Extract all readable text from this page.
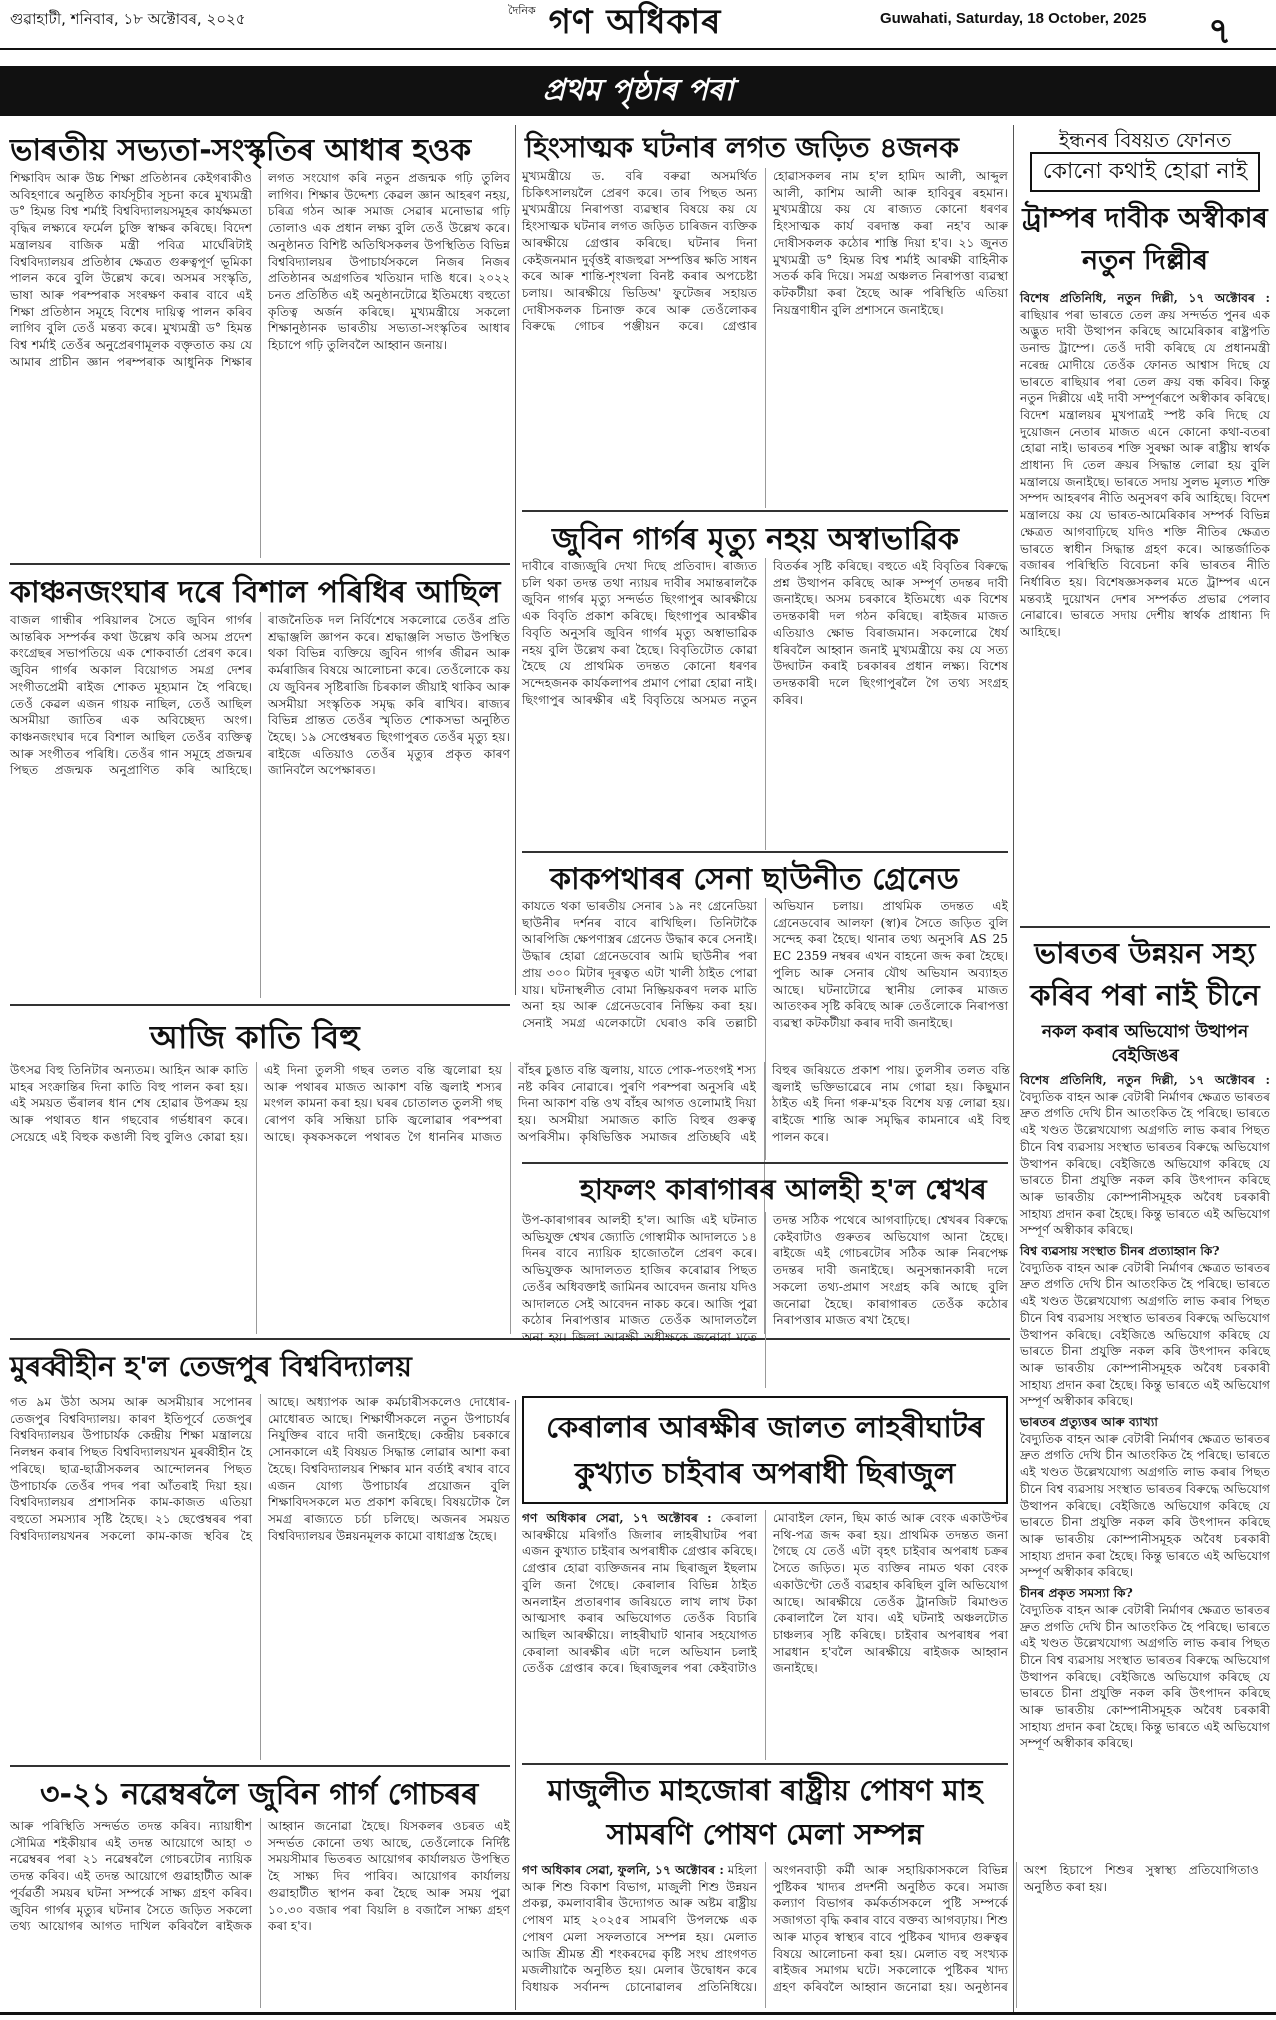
গুৱাহাটী, শনিবাৰ, ১৮ অক্টোবৰ, ২০২৫	দৈনিক গণ অধিকাৰ	Guwahati, Saturday, 18 October, 2025 ৭
প্ৰথম পৃষ্ঠাৰ পৰা
ভাৰতীয় সভ্যতা-সংস্কৃতিৰ আধাৰ হওক
শিক্ষাবিদ আৰু উচ্চ শিক্ষা প্ৰতিষ্ঠানৰ কেইগৰাকীও অবিহণাৰে অনুষ্ঠিত কাৰ্যসূচীৰ সূচনা কৰে মুখ্যমন্ত্ৰী ড° হিমন্ত বিশ্ব শৰ্মাই বিশ্ববিদ্যালয়সমূহৰ কাৰ্যক্ষমতা বৃদ্ধিৰ লক্ষ্যৰে ফৰ্মেল চুক্তি স্বাক্ষৰ কৰিছে। বিদেশ মন্ত্ৰালয়ৰ বাজিক মন্ত্ৰী পবিত্ৰ মাৰ্ঘেৰিটাই বিশ্ববিদ্যালয়ৰ প্ৰতিষ্ঠাৰ ক্ষেত্ৰত গুৰুত্বপূৰ্ণ ভূমিকা পালন কৰে বুলি উল্লেখ কৰে। অসমৰ সংস্কৃতি, ভাষা আৰু পৰম্পৰাক সংৰক্ষণ কৰাৰ বাবে এই শিক্ষা প্ৰতিষ্ঠান সমূহে বিশেষ দায়িত্ব পালন কৰিব লাগিব বুলি তেওঁ মন্তব্য কৰে। মুখ্যমন্ত্ৰী ড° হিমন্ত বিশ্ব শৰ্মাই তেওঁৰ অনুপ্ৰেৰণামূলক বক্তৃতাত কয় যে আমাৰ প্ৰাচীন জ্ঞান পৰম্পৰাক আধুনিক শিক্ষাৰ লগত সংযোগ কৰি নতুন প্ৰজন্মক গঢ়ি তুলিব লাগিব। শিক্ষাৰ উদ্দেশ্য কেৱল জ্ঞান আহৰণ নহয়, চৰিত্ৰ গঠন আৰু সমাজ সেৱাৰ মনোভাৱ গঢ়ি তোলাও এক প্ৰধান লক্ষ্য বুলি তেওঁ উল্লেখ কৰে। অনুষ্ঠানত বিশিষ্ট অতিথিসকলৰ উপস্থিতিত বিভিন্ন বিশ্ববিদ্যালয়ৰ উপাচাৰ্যসকলে নিজৰ নিজৰ প্ৰতিষ্ঠানৰ অগ্ৰগতিৰ খতিয়ান দাঙি ধৰে। ২০২২ চনত প্ৰতিষ্ঠিত এই অনুষ্ঠানটোৱে ইতিমধ্যে বহুতো কৃতিত্ব অৰ্জন কৰিছে। মুখ্যমন্ত্ৰীয়ে সকলো শিক্ষানুষ্ঠানক ভাৰতীয় সভ্যতা-সংস্কৃতিৰ আধাৰ হিচাপে গঢ়ি তুলিবলৈ আহ্বান জনায়।
কাঞ্চনজংঘাৰ দৰে বিশাল পৰিধিৰ আছিল
বাজল গান্ধীৰ পৰিয়ালৰ সৈতে জুবিন গাৰ্গৰ আন্তৰিক সম্পৰ্কৰ কথা উল্লেখ কৰি অসম প্ৰদেশ কংগ্ৰেছৰ সভাপতিয়ে এক শোকবাৰ্তা প্ৰেৰণ কৰে। জুবিন গাৰ্গৰ অকাল বিয়োগত সমগ্ৰ দেশৰ সংগীতপ্ৰেমী ৰাইজ শোকত মূহ্যমান হৈ পৰিছে। তেওঁ কেৱল এজন গায়ক নাছিল, তেওঁ আছিল অসমীয়া জাতিৰ এক অবিচ্ছেদ্য অংগ। কাঞ্চনজংঘাৰ দৰে বিশাল আছিল তেওঁৰ ব্যক্তিত্ব আৰু সংগীতৰ পৰিধি। তেওঁৰ গান সমূহে প্ৰজন্মৰ পিছত প্ৰজন্মক অনুপ্ৰাণিত কৰি আহিছে। ৰাজনৈতিক দল নিৰ্বিশেষে সকলোৱে তেওঁৰ প্ৰতি শ্ৰদ্ধাঞ্জলি জ্ঞাপন কৰে। শ্ৰদ্ধাঞ্জলি সভাত উপস্থিত থকা বিভিন্ন ব্যক্তিয়ে জুবিন গাৰ্গৰ জীৱন আৰু কৰ্মৰাজিৰ বিষয়ে আলোচনা কৰে। তেওঁলোকে কয় যে জুবিনৰ সৃষ্টিৰাজি চিৰকাল জীয়াই থাকিব আৰু অসমীয়া সংস্কৃতিক সমৃদ্ধ কৰি ৰাখিব। ৰাজ্যৰ বিভিন্ন প্ৰান্তত তেওঁৰ স্মৃতিত শোকসভা অনুষ্ঠিত হৈছে। ১৯ সেপ্তেম্বৰত ছিংগাপুৰত তেওঁৰ মৃত্যু হয়। ৰাইজে এতিয়াও তেওঁৰ মৃত্যুৰ প্ৰকৃত কাৰণ জানিবলৈ অপেক্ষাৰত।
আজি কাতি বিহু
উৎসৱ বিহু তিনিটাৰ অন্যতম। আহিন আৰু কাতি মাহৰ সংক্ৰান্তিৰ দিনা কাতি বিহু পালন কৰা হয়। এই সময়ত ভঁৰালৰ ধান শেষ হোৱাৰ উপক্ৰম হয় আৰু পথাৰত ধান গছবোৰ গৰ্ভধাৰণ কৰে। সেয়েহে এই বিহুক কঙালী বিহু বুলিও কোৱা হয়। এই দিনা তুলসী গছৰ তলত বন্তি জ্বলোৱা হয় আৰু পথাৰৰ মাজত আকাশ বন্তি জ্বলাই শস্যৰ মংগল কামনা কৰা হয়। ঘৰৰ চোতালত তুলসী গছ ৰোপণ কৰি সন্ধিয়া চাকি জ্বলোৱাৰ পৰম্পৰা আছে। কৃষকসকলে পথাৰত গৈ ধাননিৰ মাজত বাঁহৰ চুঙাত বন্তি জ্বলায়, যাতে পোক-পতংগই শস্য নষ্ট কৰিব নোৱাৰে। পুৰণি পৰম্পৰা অনুসৰি এই দিনা আকাশ বন্তি ওখ বাঁহৰ আগত ওলোমাই দিয়া হয়। অসমীয়া সমাজত কাতি বিহুৰ গুৰুত্ব অপৰিসীম। কৃষিভিত্তিক সমাজৰ প্ৰতিচ্ছবি এই বিহুৰ জৰিয়তে প্ৰকাশ পায়। তুলসীৰ তলত বন্তি জ্বলাই ভক্তিভাৱেৰে নাম গোৱা হয়। কিছুমান ঠাইত এই দিনা গৰু-ম'হক বিশেষ যত্ন লোৱা হয়। ৰাইজে শান্তি আৰু সমৃদ্ধিৰ কামনাৰে এই বিহু পালন কৰে।
মুৰব্বীহীন হ'ল তেজপুৰ বিশ্ববিদ্যালয়
গত ৯ম উঠা অসম আৰু অসমীয়াৰ সপোনৰ তেজপুৰ বিশ্ববিদ্যালয়। কাৰণ ইতিপূৰ্বে তেজপুৰ বিশ্ববিদ্যালয়ৰ উপাচাৰ্যক কেন্দ্ৰীয় শিক্ষা মন্ত্ৰালয়ে নিলম্বন কৰাৰ পিছত বিশ্ববিদ্যালয়খন মুৰব্বীহীন হৈ পৰিছে। ছাত্ৰ-ছাত্ৰীসকলৰ আন্দোলনৰ পিছত উপাচাৰ্যক তেওঁৰ পদৰ পৰা আঁতৰাই দিয়া হয়। বিশ্ববিদ্যালয়ৰ প্ৰশাসনিক কাম-কাজত এতিয়া বহুতো সমস্যাৰ সৃষ্টি হৈছে। ২১ ছেপ্তেম্বৰৰ পৰা বিশ্ববিদ্যালয়খনৰ সকলো কাম-কাজ স্থবিৰ হৈ আছে। অধ্যাপক আৰু কৰ্মচাৰীসকলেও দোধোৰ-মোধোৰত আছে। শিক্ষাৰ্থীসকলে নতুন উপাচাৰ্যৰ নিযুক্তিৰ বাবে দাবী জনাইছে। কেন্দ্ৰীয় চৰকাৰে সোনকালে এই বিষয়ত সিদ্ধান্ত লোৱাৰ আশা কৰা হৈছে। বিশ্ববিদ্যালয়ৰ শিক্ষাৰ মান বৰ্তাই ৰখাৰ বাবে এজন যোগ্য উপাচাৰ্যৰ প্ৰয়োজন বুলি শিক্ষাবিদসকলে মত প্ৰকাশ কৰিছে। বিষয়টোক লৈ সমগ্ৰ ৰাজ্যতে চৰ্চা চলিছে। অজনৰ সময়ত বিশ্ববিদ্যালয়ৰ উন্নয়নমূলক কামো বাধাগ্ৰস্ত হৈছে।
৩-২১ নৱেম্বৰলৈ জুবিন গাৰ্গ গোচৰৰ
আৰু পৰিস্থিতি সন্দৰ্ভত তদন্ত কৰিব। ন্যায়াধীশ সৌমিত্ৰ শইকীয়াৰ এই তদন্ত আয়োগে আহা ৩ নৱেম্বৰৰ পৰা ২১ নৱেম্বৰলৈ গোচৰটোৰ ন্যায়িক তদন্ত কৰিব। এই তদন্ত আয়োগে গুৱাহাটীত আৰু পূৰ্বৱৰ্তী সময়ৰ ঘটনা সম্পৰ্কে সাক্ষ্য গ্ৰহণ কৰিব। জুবিন গাৰ্গৰ মৃত্যুৰ ঘটনাৰ সৈতে জড়িত সকলো তথ্য আয়োগৰ আগত দাখিল কৰিবলৈ ৰাইজক আহ্বান জনোৱা হৈছে। যিসকলৰ ওচৰত এই সন্দৰ্ভত কোনো তথ্য আছে, তেওঁলোকে নিৰ্দিষ্ট সময়সীমাৰ ভিতৰত আয়োগৰ কাৰ্যালয়ত উপস্থিত হৈ সাক্ষ্য দিব পাৰিব। আয়োগৰ কাৰ্যালয় গুৱাহাটীত স্থাপন কৰা হৈছে আৰু সময় পুৱা ১০.৩০ বজাৰ পৰা বিয়লি ৪ বজালৈ সাক্ষ্য গ্ৰহণ কৰা হ'ব।
হিংসাত্মক ঘটনাৰ লগত জড়িত ৪জনক
মুখ্যমন্ত্ৰীয়ে ড. বৰি বৰুৱা অসমৰ্থিত চিকিৎসালয়লৈ প্ৰেৰণ কৰে। তাৰ পিছত অন্য মুখ্যমন্ত্ৰীয়ে নিৰাপত্তা ব্যৱস্থাৰ বিষয়ে কয় যে হিংসাত্মক ঘটনাৰ লগত জড়িত চাৰিজন ব্যক্তিক আৰক্ষীয়ে গ্ৰেপ্তাৰ কৰিছে। ঘটনাৰ দিনা কেইজনমান দুৰ্বৃত্তই ৰাজহুৱা সম্পত্তিৰ ক্ষতি সাধন কৰে আৰু শান্তি-শৃংখলা বিনষ্ট কৰাৰ অপচেষ্টা চলায়। আৰক্ষীয়ে ভিডিঅ' ফুটেজৰ সহায়ত দোষীসকলক চিনাক্ত কৰে আৰু তেওঁলোকৰ বিৰুদ্ধে গোচৰ পঞ্জীয়ন কৰে। গ্ৰেপ্তাৰ হোৱাসকলৰ নাম হ'ল হামিদ আলী, আব্দুল আলী, কাশিম আলী আৰু হাবিবুৰ ৰহমান। মুখ্যমন্ত্ৰীয়ে কয় যে ৰাজ্যত কোনো ধৰণৰ হিংসাত্মক কাৰ্য বৰদাস্ত কৰা নহ'ব আৰু দোষীসকলক কঠোৰ শাস্তি দিয়া হ'ব। ২১ জুনত মুখ্যমন্ত্ৰী ড° হিমন্ত বিশ্ব শৰ্মাই আৰক্ষী বাহিনীক সতৰ্ক কৰি দিয়ে। সমগ্ৰ অঞ্চলত নিৰাপত্তা ব্যৱস্থা কটকটীয়া কৰা হৈছে আৰু পৰিস্থিতি এতিয়া নিয়ন্ত্ৰণাধীন বুলি প্ৰশাসনে জনাইছে।
জুবিন গাৰ্গৰ মৃত্যু নহয় অস্বাভাৱিক
দাবীৰে বাজ্যজুৰি দেখা দিছে প্ৰতিবাদ। ৰাজ্যত চলি থকা তদন্ত তথা ন্যায়ৰ দাবীৰ সমান্তৰালকৈ জুবিন গাৰ্গৰ মৃত্যু সন্দৰ্ভত ছিংগাপুৰ আৰক্ষীয়ে এক বিবৃতি প্ৰকাশ কৰিছে। ছিংগাপুৰ আৰক্ষীৰ বিবৃতি অনুসৰি জুবিন গাৰ্গৰ মৃত্যু অস্বাভাৱিক নহয় বুলি উল্লেখ কৰা হৈছে। বিবৃতিটোত কোৱা হৈছে যে প্ৰাথমিক তদন্তত কোনো ধৰণৰ সন্দেহজনক কাৰ্যকলাপৰ প্ৰমাণ পোৱা হোৱা নাই। ছিংগাপুৰ আৰক্ষীৰ এই বিবৃতিয়ে অসমত নতুন বিতৰ্কৰ সৃষ্টি কৰিছে। বহুতে এই বিবৃতিৰ বিৰুদ্ধে প্ৰশ্ন উত্থাপন কৰিছে আৰু সম্পূৰ্ণ তদন্তৰ দাবী জনাইছে। অসম চৰকাৰে ইতিমধ্যে এক বিশেষ তদন্তকাৰী দল গঠন কৰিছে। ৰাইজৰ মাজত এতিয়াও ক্ষোভ বিৰাজমান। সকলোৱে ধৈৰ্য ধৰিবলৈ আহ্বান জনাই মুখ্যমন্ত্ৰীয়ে কয় যে সত্য উদ্ঘাটন কৰাই চৰকাৰৰ প্ৰধান লক্ষ্য। বিশেষ তদন্তকাৰী দলে ছিংগাপুৰলৈ গৈ তথ্য সংগ্ৰহ কৰিব।
কাকপথাৰৰ সেনা ছাউনীত গ্ৰেনেড
কাযতে থকা ভাৰতীয় সেনাৰ ১৯ নং গ্ৰেনেডিয়া ছাউনীৰ দৰ্শনৰ বাবে ৰাখিছিল। তিনিটাকৈ আৰপিজি ক্ষেপণাস্ত্ৰৰ গ্ৰেনেড উদ্ধাৰ কৰে সেনাই। উদ্ধাৰ হোৱা গ্ৰেনেডবোৰ আমি ছাউনীৰ পৰা প্ৰায় ৩০০ মিটাৰ দূৰত্বত এটা খালী ঠাইত পোৱা যায়। ঘটনাস্থলীত বোমা নিষ্ক্ৰিয়কৰণ দলক মাতি অনা হয় আৰু গ্ৰেনেডবোৰ নিষ্ক্ৰিয় কৰা হয়। সেনাই সমগ্ৰ এলেকাটো ঘেৰাও কৰি তল্লাচী অভিযান চলায়। প্ৰাথমিক তদন্তত এই গ্ৰেনেডবোৰ আলফা (স্বা)ৰ সৈতে জড়িত বুলি সন্দেহ কৰা হৈছে। থানাৰ তথ্য অনুসৰি AS 25 EC 2359 নম্বৰৰ এখন বাহনো জব্দ কৰা হৈছে। পুলিচ আৰু সেনাৰ যৌথ অভিযান অব্যাহত আছে। ঘটনাটোৱে স্থানীয় লোকৰ মাজত আতংকৰ সৃষ্টি কৰিছে আৰু তেওঁলোকে নিৰাপত্তা ব্যৱস্থা কটকটীয়া কৰাৰ দাবী জনাইছে।
হাফলং কাৰাগাৰৰ আলহী হ'ল শ্বেখৰ
উপ-কাৰাগাৰৰ আলহী হ'ল। আজি এই ঘটনাত অভিযুক্ত শ্বেখৰ জ্যোতি গোস্বামীক আদালতে ১৪ দিনৰ বাবে ন্যায়িক হাজোতলৈ প্ৰেৰণ কৰে। অভিযুক্তক আদালতত হাজিৰ কৰোৱাৰ পিছত তেওঁৰ অধিবক্তাই জামিনৰ আবেদন জনায় যদিও আদালতে সেই আবেদন নাকচ কৰে। আজি পুৱা কঠোৰ নিৰাপত্তাৰ মাজত তেওঁক আদালতলৈ অনা হয়। জিলা আৰক্ষী অধীক্ষকে জনোৱা মতে তদন্ত সঠিক পথেৰে আগবাঢ়িছে। শ্বেখৰৰ বিৰুদ্ধে কেইবাটাও গুৰুতৰ অভিযোগ আনা হৈছে। ৰাইজে এই গোচৰটোৰ সঠিক আৰু নিৰপেক্ষ তদন্তৰ দাবী জনাইছে। অনুসন্ধানকাৰী দলে সকলো তথ্য-প্ৰমাণ সংগ্ৰহ কৰি আছে বুলি জনোৱা হৈছে। কাৰাগাৰত তেওঁক কঠোৰ নিৰাপত্তাৰ মাজত ৰখা হৈছে।
কেৰালাৰ আৰক্ষীৰ জালত লাহৰীঘাটৰ কুখ্যাত চাইবাৰ অপৰাধী ছিৰাজুল
গণ অধিকাৰ সেৱা, ১৭ অক্টোবৰ : কেৰালা আৰক্ষীয়ে মৰিগাঁও জিলাৰ লাহৰীঘাটৰ পৰা এজন কুখ্যাত চাইবাৰ অপৰাধীক গ্ৰেপ্তাৰ কৰিছে। গ্ৰেপ্তাৰ হোৱা ব্যক্তিজনৰ নাম ছিৰাজুল ইছলাম বুলি জনা গৈছে। কেৰালাৰ বিভিন্ন ঠাইত অনলাইন প্ৰতাৰণাৰ জৰিয়তে লাখ লাখ টকা আত্মসাৎ কৰাৰ অভিযোগত তেওঁক বিচাৰি আছিল আৰক্ষীয়ে। লাহৰীঘাট থানাৰ সহযোগত কেৰালা আৰক্ষীৰ এটা দলে অভিযান চলাই তেওঁক গ্ৰেপ্তাৰ কৰে। ছিৰাজুলৰ পৰা কেইবাটাও মোবাইল ফোন, ছিম কাৰ্ড আৰু বেংক একাউণ্টৰ নথি-পত্ৰ জব্দ কৰা হয়। প্ৰাথমিক তদন্তত জনা গৈছে যে তেওঁ এটা বৃহৎ চাইবাৰ অপৰাধ চক্ৰৰ সৈতে জড়িত। মৃত ব্যক্তিৰ নামত থকা বেংক একাউণ্টো তেওঁ ব্যৱহাৰ কৰিছিল বুলি অভিযোগ আছে। আৰক্ষীয়ে তেওঁক ট্ৰানজিট ৰিমাণ্ডত কেৰালালৈ লৈ যাব। এই ঘটনাই অঞ্চলটোত চাঞ্চল্যৰ সৃষ্টি কৰিছে। চাইবাৰ অপৰাধৰ পৰা সাৱধান হ'বলৈ আৰক্ষীয়ে ৰাইজক আহ্বান জনাইছে।
মাজুলীত মাহজোৰা ৰাষ্ট্ৰীয় পোষণ মাহ সামৰণি পোষণ মেলা সম্পন্ন
গণ অধিকাৰ সেৱা, ফুলনি, ১৭ অক্টোবৰ : মহিলা আৰু শিশু বিকাশ বিভাগ, মাজুলী শিশু উন্নয়ন প্ৰকল্প, কমলাবাৰীৰ উদ্যোগত আৰু অষ্টম ৰাষ্ট্ৰীয় পোষণ মাহ ২০২৫ৰ সামৰণি উপলক্ষে এক পোষণ মেলা সফলতাৰে সম্পন্ন হয়। মেলাত আজি শ্ৰীমন্ত শ্ৰী শংকৰদেৱ কৃষ্টি সংঘ প্ৰাংগণত মজলীয়াকৈ অনুষ্ঠিত হয়। মেলাৰ উদ্বোধন কৰে বিধায়ক সৰ্বানন্দ চোনোৱালৰ প্ৰতিনিধিয়ে। অংগনবাড়ী কৰ্মী আৰু সহায়িকাসকলে বিভিন্ন পুষ্টিকৰ খাদ্যৰ প্ৰদৰ্শনী অনুষ্ঠিত কৰে। সমাজ কল্যাণ বিভাগৰ কৰ্মকৰ্তাসকলে পুষ্টি সম্পৰ্কে সজাগতা বৃদ্ধি কৰাৰ বাবে বক্তব্য আগবঢ়ায়। শিশু আৰু মাতৃৰ স্বাস্থ্যৰ বাবে পুষ্টিকৰ খাদ্যৰ গুৰুত্বৰ বিষয়ে আলোচনা কৰা হয়। মেলাত বহু সংখ্যক ৰাইজৰ সমাগম ঘটে। সকলোকে পুষ্টিকৰ খাদ্য গ্ৰহণ কৰিবলৈ আহ্বান জনোৱা হয়। অনুষ্ঠানৰ অংশ হিচাপে শিশুৰ সুস্বাস্থ্য প্ৰতিযোগিতাও অনুষ্ঠিত কৰা হয়।
ইন্ধনৰ বিষয়ত ফোনত
কোনো কথাই হোৱা নাই
ট্ৰাম্পৰ দাবীক অস্বীকাৰ নতুন দিল্লীৰ
বিশেষ প্ৰতিনিধি, নতুন দিল্লী, ১৭ অক্টোবৰ : ৰাছিয়াৰ পৰা ভাৰতে তেল ক্ৰয় সন্দৰ্ভত পুনৰ এক অদ্ভুত দাবী উত্থাপন কৰিছে আমেৰিকাৰ ৰাষ্ট্ৰপতি ডনাল্ড ট্ৰাম্পে। তেওঁ দাবী কৰিছে যে প্ৰধানমন্ত্ৰী নৰেন্দ্ৰ মোদীয়ে তেওঁক ফোনত আশ্বাস দিছে যে ভাৰতে ৰাছিয়াৰ পৰা তেল ক্ৰয় বন্ধ কৰিব। কিন্তু নতুন দিল্লীয়ে এই দাবী সম্পূৰ্ণৰূপে অস্বীকাৰ কৰিছে। বিদেশ মন্ত্ৰালয়ৰ মুখপাত্ৰই স্পষ্ট কৰি দিছে যে দুয়োজন নেতাৰ মাজত এনে কোনো কথা-বতৰা হোৱা নাই। ভাৰতৰ শক্তি সুৰক্ষা আৰু ৰাষ্ট্ৰীয় স্বাৰ্থক প্ৰাধান্য দি তেল ক্ৰয়ৰ সিদ্ধান্ত লোৱা হয় বুলি মন্ত্ৰালয়ে জনাইছে। ভাৰতে সদায় সুলভ মূল্যত শক্তি সম্পদ আহৰণৰ নীতি অনুসৰণ কৰি আহিছে। বিদেশ মন্ত্ৰালয়ে কয় যে ভাৰত-আমেৰিকাৰ সম্পৰ্ক বিভিন্ন ক্ষেত্ৰত আগবাঢ়িছে যদিও শক্তি নীতিৰ ক্ষেত্ৰত ভাৰতে স্বাধীন সিদ্ধান্ত গ্ৰহণ কৰে। আন্তৰ্জাতিক বজাৰৰ পৰিস্থিতি বিবেচনা কৰি ভাৰতৰ নীতি নিৰ্ধাৰিত হয়। বিশেষজ্ঞসকলৰ মতে ট্ৰাম্পৰ এনে মন্তব্যই দুয়োখন দেশৰ সম্পৰ্কত প্ৰভাৱ পেলাব নোৱাৰে। ভাৰতে সদায় দেশীয় স্বাৰ্থক প্ৰাধান্য দি আহিছে।
ভাৰতৰ উন্নয়ন সহ্য কৰিব পৰা নাই চীনে
নকল কৰাৰ অভিযোগ উত্থাপন বেইজিঙৰ
বিশেষ প্ৰতিনিধি, নতুন দিল্লী, ১৭ অক্টোবৰ : বৈদ্যুতিক বাহন আৰু বেটাৰী নিৰ্মাণৰ ক্ষেত্ৰত ভাৰতৰ দ্ৰুত প্ৰগতি দেখি চীন আতংকিত হৈ পৰিছে। ভাৰতে এই খণ্ডত উল্লেখযোগ্য অগ্ৰগতি লাভ কৰাৰ পিছত চীনে বিশ্ব ব্যৱসায় সংস্থাত ভাৰতৰ বিৰুদ্ধে অভিযোগ উত্থাপন কৰিছে। বেইজিঙে অভিযোগ কৰিছে যে ভাৰতে চীনা প্ৰযুক্তি নকল কৰি উৎপাদন কৰিছে আৰু ভাৰতীয় কোম্পানীসমূহক অবৈধ চৰকাৰী সাহায্য প্ৰদান কৰা হৈছে। কিন্তু ভাৰতে এই অভিযোগ সম্পূৰ্ণ অস্বীকাৰ কৰিছে।
বিশ্ব ব্যৱসায় সংস্থাত চীনৰ প্ৰত্যাহ্বান কি?
বৈদ্যুতিক বাহন আৰু বেটাৰী নিৰ্মাণৰ ক্ষেত্ৰত ভাৰতৰ দ্ৰুত প্ৰগতি দেখি চীন আতংকিত হৈ পৰিছে। ভাৰতে এই খণ্ডত উল্লেখযোগ্য অগ্ৰগতি লাভ কৰাৰ পিছত চীনে বিশ্ব ব্যৱসায় সংস্থাত ভাৰতৰ বিৰুদ্ধে অভিযোগ উত্থাপন কৰিছে। বেইজিঙে অভিযোগ কৰিছে যে ভাৰতে চীনা প্ৰযুক্তি নকল কৰি উৎপাদন কৰিছে আৰু ভাৰতীয় কোম্পানীসমূহক অবৈধ চৰকাৰী সাহায্য প্ৰদান কৰা হৈছে। কিন্তু ভাৰতে এই অভিযোগ সম্পূৰ্ণ অস্বীকাৰ কৰিছে।
ভাৰতৰ প্ৰত্যুত্তৰ আৰু ব্যাখ্যা
বৈদ্যুতিক বাহন আৰু বেটাৰী নিৰ্মাণৰ ক্ষেত্ৰত ভাৰতৰ দ্ৰুত প্ৰগতি দেখি চীন আতংকিত হৈ পৰিছে। ভাৰতে এই খণ্ডত উল্লেখযোগ্য অগ্ৰগতি লাভ কৰাৰ পিছত চীনে বিশ্ব ব্যৱসায় সংস্থাত ভাৰতৰ বিৰুদ্ধে অভিযোগ উত্থাপন কৰিছে। বেইজিঙে অভিযোগ কৰিছে যে ভাৰতে চীনা প্ৰযুক্তি নকল কৰি উৎপাদন কৰিছে আৰু ভাৰতীয় কোম্পানীসমূহক অবৈধ চৰকাৰী সাহায্য প্ৰদান কৰা হৈছে। কিন্তু ভাৰতে এই অভিযোগ সম্পূৰ্ণ অস্বীকাৰ কৰিছে।
চীনৰ প্ৰকৃত সমস্যা কি?
বৈদ্যুতিক বাহন আৰু বেটাৰী নিৰ্মাণৰ ক্ষেত্ৰত ভাৰতৰ দ্ৰুত প্ৰগতি দেখি চীন আতংকিত হৈ পৰিছে। ভাৰতে এই খণ্ডত উল্লেখযোগ্য অগ্ৰগতি লাভ কৰাৰ পিছত চীনে বিশ্ব ব্যৱসায় সংস্থাত ভাৰতৰ বিৰুদ্ধে অভিযোগ উত্থাপন কৰিছে। বেইজিঙে অভিযোগ কৰিছে যে ভাৰতে চীনা প্ৰযুক্তি নকল কৰি উৎপাদন কৰিছে আৰু ভাৰতীয় কোম্পানীসমূহক অবৈধ চৰকাৰী সাহায্য প্ৰদান কৰা হৈছে। কিন্তু ভাৰতে এই অভিযোগ সম্পূৰ্ণ অস্বীকাৰ কৰিছে।
